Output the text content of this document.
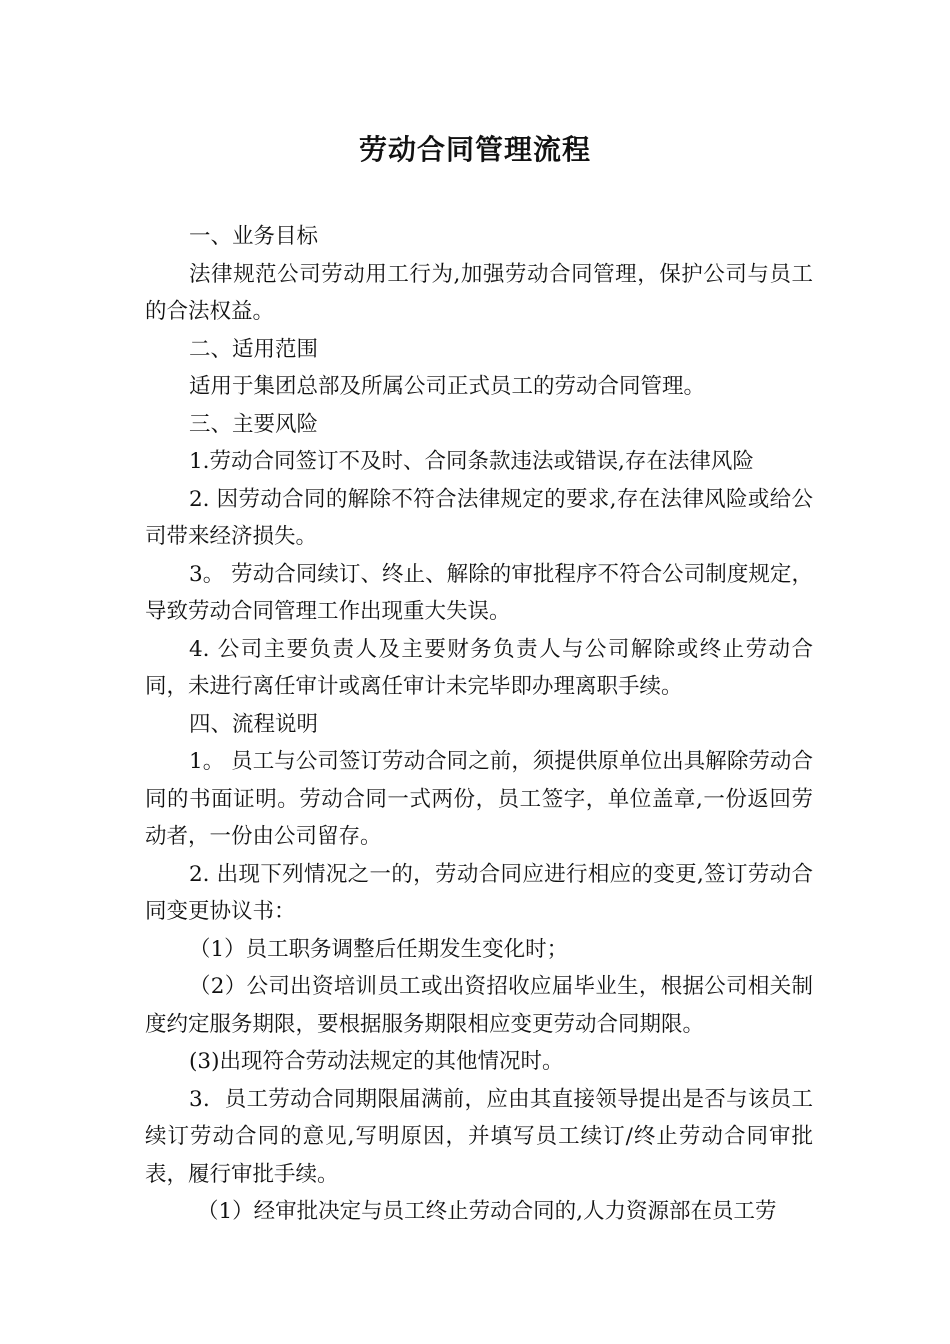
劳动合同管理流程

一、业务目标

法律规范公司劳动用工行为,加强劳动合同管理，保护公司与员工的合法权益。

二、适用范围

适用于集团总部及所属公司正式员工的劳动合同管理。

三、主要风险

1.劳动合同签订不及时、合同条款违法或错误,存在法律风险

2. 因劳动合同的解除不符合法律规定的要求,存在法律风险或给公司带来经济损失。

3。 劳动合同续订、终止、解除的审批程序不符合公司制度规定，导致劳动合同管理工作出现重大失误。

4. 公司主要负责人及主要财务负责人与公司解除或终止劳动合同，未进行离任审计或离任审计未完毕即办理离职手续。

四、流程说明

1。 员工与公司签订劳动合同之前，须提供原单位出具解除劳动合同的书面证明。劳动合同一式两份，员工签字，单位盖章,一份返回劳动者，一份由公司留存。

2. 出现下列情况之一的，劳动合同应进行相应的变更,签订劳动合同变更协议书：

（1）员工职务调整后任期发生变化时；

（2）公司出资培训员工或出资招收应届毕业生，根据公司相关制度约定服务期限，要根据服务期限相应变更劳动合同期限。

(3)出现符合劳动法规定的其他情况时。

3．员工劳动合同期限届满前，应由其直接领导提出是否与该员工续订劳动合同的意见,写明原因，并填写员工续订/终止劳动合同审批表，履行审批手续。

（1）经审批决定与员工终止劳动合同的,人力资源部在员工劳
